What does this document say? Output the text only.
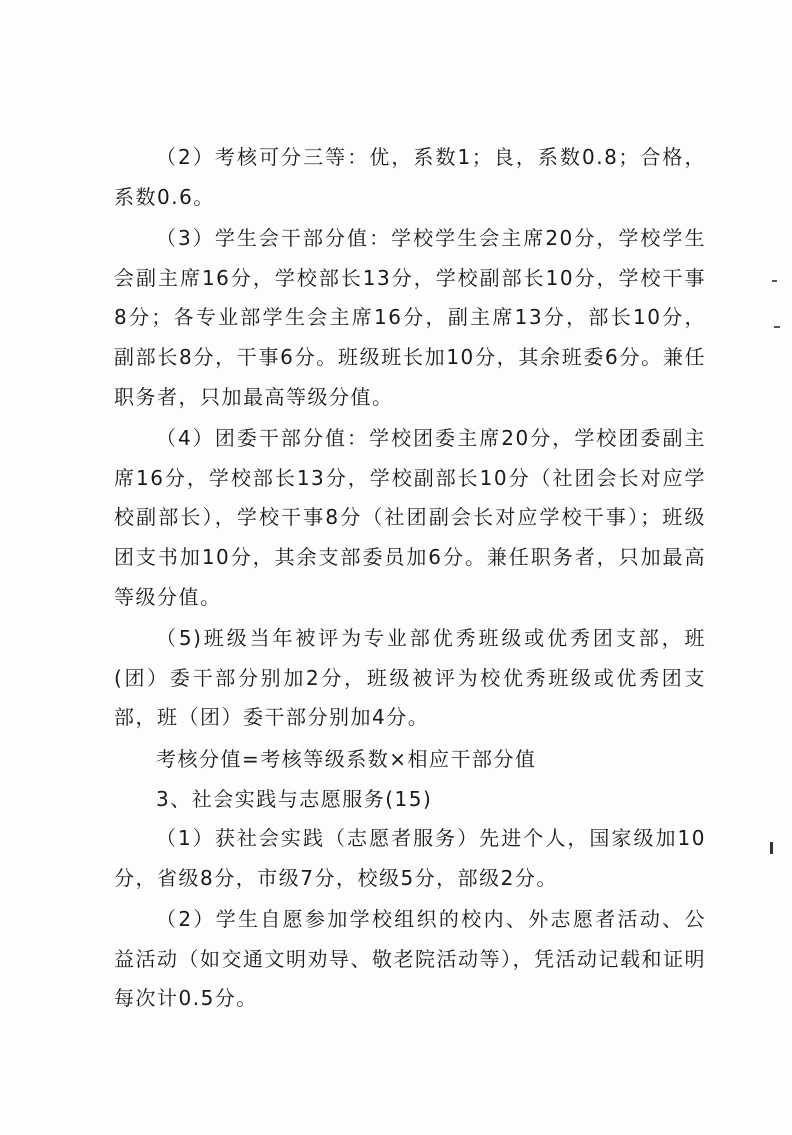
（2）考核可分三等：优，系数1；良，系数0.8；合格，系数0.6。

（3）学生会干部分值：学校学生会主席20分，学校学生会副主席16分，学校部长13分，学校副部长10分，学校干事8分；各专业部学生会主席16分，副主席13分，部长10分，副部长8分，干事6分。班级班长加10分，其余班委6分。兼任职务者，只加最高等级分值。

（4）团委干部分值：学校团委主席20分，学校团委副主席16分，学校部长13分，学校副部长10分（社团会长对应学校副部长），学校干事8分（社团副会长对应学校干事）；班级团支书加10分，其余支部委员加6分。兼任职务者，只加最高等级分值。

（5)班级当年被评为专业部优秀班级或优秀团支部，班(团）委干部分别加2分，班级被评为校优秀班级或优秀团支部，班（团）委干部分别加4分。

考核分值=考核等级系数×相应干部分值

3、社会实践与志愿服务(15)

（1）获社会实践（志愿者服务）先进个人，国家级加10分，省级8分，市级7分，校级5分，部级2分。

（2）学生自愿参加学校组织的校内、外志愿者活动、公益活动（如交通文明劝导、敬老院活动等），凭活动记载和证明每次计0.5分。
